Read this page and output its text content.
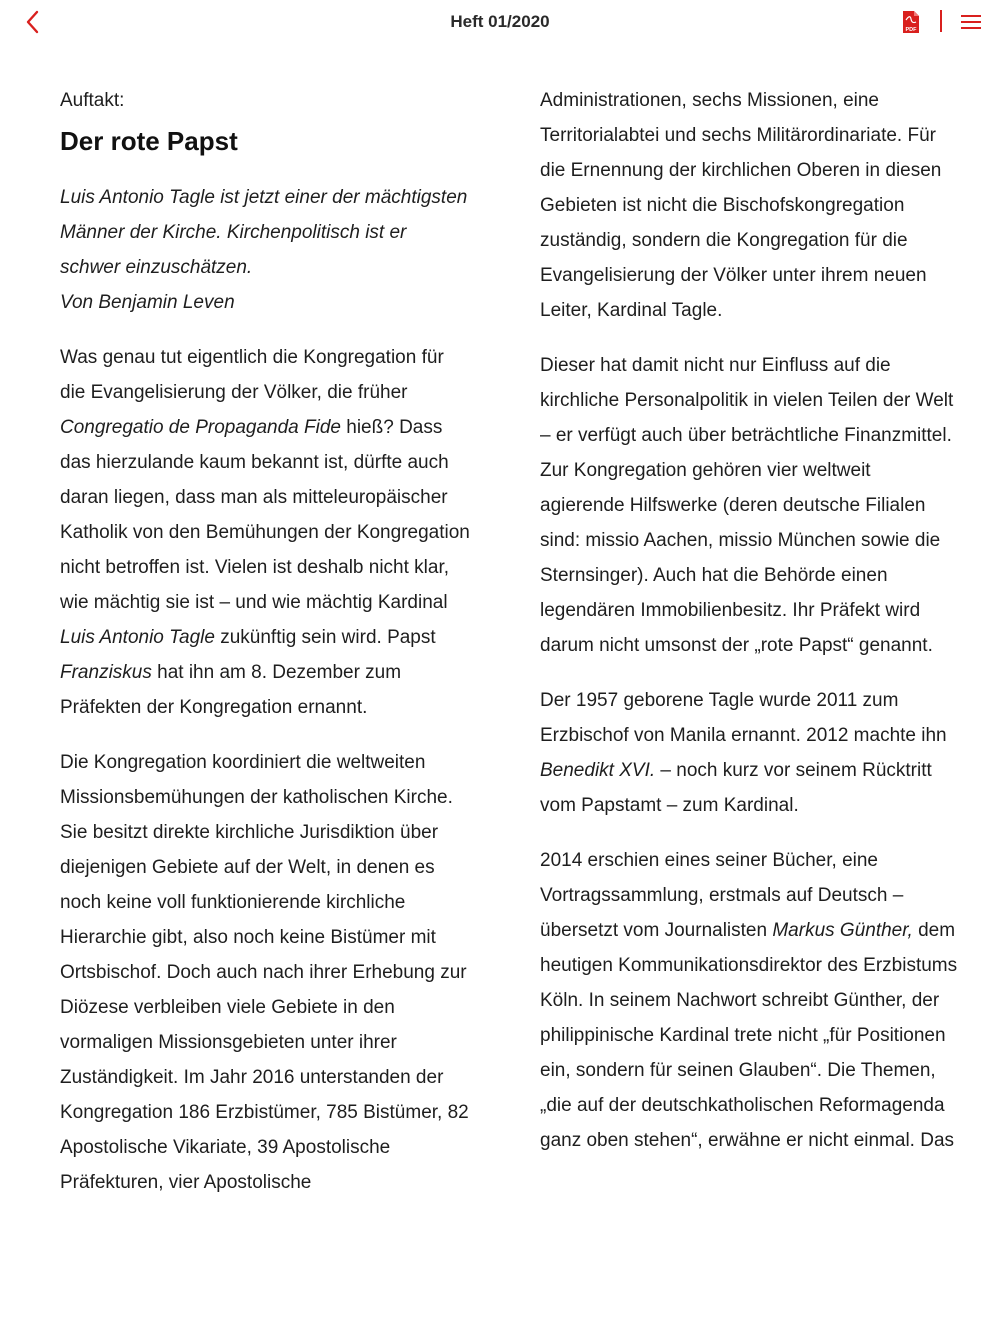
Heft 01/2020	PDF

Auftakt:

Der rote Papst

Luis Antonio Tagle ist jetzt einer der mächtigsten Männer der Kirche. Kirchenpolitisch ist er schwer einzuschätzen.
Von Benjamin Leven

Was genau tut eigentlich die Kongregation für die Evangelisierung der Völker, die früher Congregatio de Propaganda Fide hieß? Dass das hierzulande kaum bekannt ist, dürfte auch daran liegen, dass man als mitteleuropäischer Katholik von den Bemühungen der Kongregation nicht betroffen ist. Vielen ist deshalb nicht klar, wie mächtig sie ist – und wie mächtig Kardinal Luis Antonio Tagle zukünftig sein wird. Papst Franziskus hat ihn am 8. Dezember zum Präfekten der Kongregation ernannt.

Die Kongregation koordiniert die weltweiten Missionsbemühungen der katholischen Kirche. Sie besitzt direkte kirchliche Jurisdiktion über diejenigen Gebiete auf der Welt, in denen es noch keine voll funktionierende kirchliche Hierarchie gibt, also noch keine Bistümer mit Ortsbischof. Doch auch nach ihrer Erhebung zur Diözese verbleiben viele Gebiete in den vormaligen Missionsgebieten unter ihrer Zuständigkeit. Im Jahr 2016 unterstanden der Kongregation 186 Erzbistümer, 785 Bistümer, 82 Apostolische Vikariate, 39 Apostolische Präfekturen, vier Apostolische

Administrationen, sechs Missionen, eine Territorialabtei und sechs Militärordinariate. Für die Ernennung der kirchlichen Oberen in diesen Gebieten ist nicht die Bischofskongregation zuständig, sondern die Kongregation für die Evangelisierung der Völker unter ihrem neuen Leiter, Kardinal Tagle.

Dieser hat damit nicht nur Einfluss auf die kirchliche Personalpolitik in vielen Teilen der Welt – er verfügt auch über beträchtliche Finanzmittel. Zur Kongregation gehören vier weltweit agierende Hilfswerke (deren deutsche Filialen sind: missio Aachen, missio München sowie die Sternsinger). Auch hat die Behörde einen legendären Immobilienbesitz. Ihr Präfekt wird darum nicht umsonst der „rote Papst“ genannt.

Der 1957 geborene Tagle wurde 2011 zum Erzbischof von Manila ernannt. 2012 machte ihn Benedikt XVI. – noch kurz vor seinem Rücktritt vom Papstamt – zum Kardinal.

2014 erschien eines seiner Bücher, eine Vortragssammlung, erstmals auf Deutsch – übersetzt vom Journalisten Markus Günther, dem heutigen Kommunikationsdirektor des Erzbistums Köln. In seinem Nachwort schreibt Günther, der philippinische Kardinal trete nicht „für Positionen ein, sondern für seinen Glauben“. Die Themen, „die auf der deutschkatholischen Reformagenda ganz oben stehen“, erwähne er nicht einmal. Das
